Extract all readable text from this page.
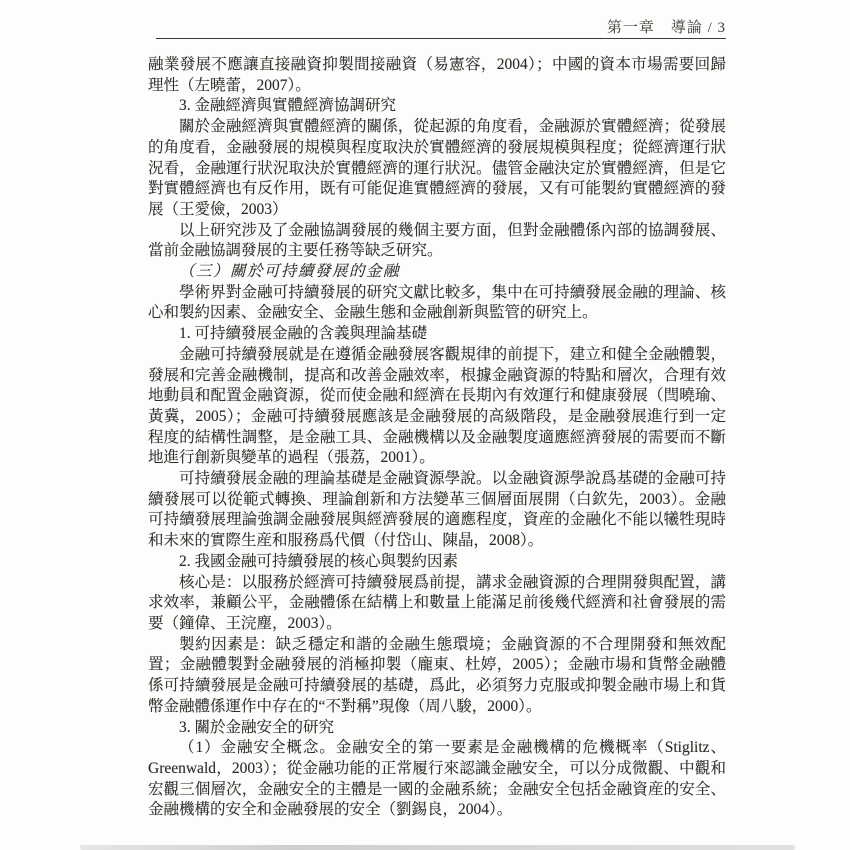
第一章　導論 / 3

融業發展不應讓直接融資抑製間接融資（易憲容，2004）；中國的資本市場需要回歸理性（左曉蕾，2007）。

3. 金融經濟與實體經濟協調研究

關於金融經濟與實體經濟的關係，從起源的角度看，金融源於實體經濟；從發展的角度看，金融發展的規模與程度取決於實體經濟的發展規模與程度；從經濟運行狀況看，金融運行狀況取決於實體經濟的運行狀況。儘管金融決定於實體經濟，但是它對實體經濟也有反作用，既有可能促進實體經濟的發展，又有可能製約實體經濟的發展（王愛儉，2003）

以上研究涉及了金融協調發展的幾個主要方面，但對金融體係內部的協調發展、當前金融協調發展的主要任務等缺乏研究。

（三）關於可持續發展的金融

學術界對金融可持續發展的研究文獻比較多，集中在可持續發展金融的理論、核心和製約因素、金融安全、金融生態和金融創新與監管的研究上。

1. 可持續發展金融的含義與理論基礎

金融可持續發展就是在遵循金融發展客觀規律的前提下，建立和健全金融體製，發展和完善金融機制，提高和改善金融效率，根據金融資源的特點和層次，合理有效地動員和配置金融資源，從而使金融和經濟在長期內有效運行和健康發展（閆曉瑜、黃冀，2005）；金融可持續發展應該是金融發展的高級階段，是金融發展進行到一定程度的結構性調整，是金融工具、金融機構以及金融製度適應經濟發展的需要而不斷地進行創新與變革的過程（張荔，2001）。

可持續發展金融的理論基礎是金融資源學說。以金融資源學說爲基礎的金融可持續發展可以從範式轉換、理論創新和方法變革三個層面展開（白欽先，2003）。金融可持續發展理論強調金融發展與經濟發展的適應程度，資産的金融化不能以犧牲現時和未來的實際生産和服務爲代價（付岱山、陳晶，2008）。

2. 我國金融可持續發展的核心與製約因素

核心是：以服務於經濟可持續發展爲前提，講求金融資源的合理開發與配置，講求效率，兼顧公平，金融體係在結構上和數量上能滿足前後幾代經濟和社會發展的需要（鐘偉、王浣塵，2003）。

製約因素是：缺乏穩定和諧的金融生態環境；金融資源的不合理開發和無效配置；金融體製對金融發展的消極抑製（龐東、杜婷，2005）；金融市場和貨幣金融體係可持續發展是金融可持續發展的基礎，爲此，必須努力克服或抑製金融市場上和貨幣金融體係運作中存在的“不對稱”現像（周八駿，2000）。

3. 關於金融安全的研究

（1）金融安全概念。金融安全的第一要素是金融機構的危機概率（Stiglitz、Greenwald，2003）；從金融功能的正常履行來認識金融安全，可以分成微觀、中觀和宏觀三個層次，金融安全的主體是一國的金融系統；金融安全包括金融資産的安全、金融機構的安全和金融發展的安全（劉錫良，2004）。
